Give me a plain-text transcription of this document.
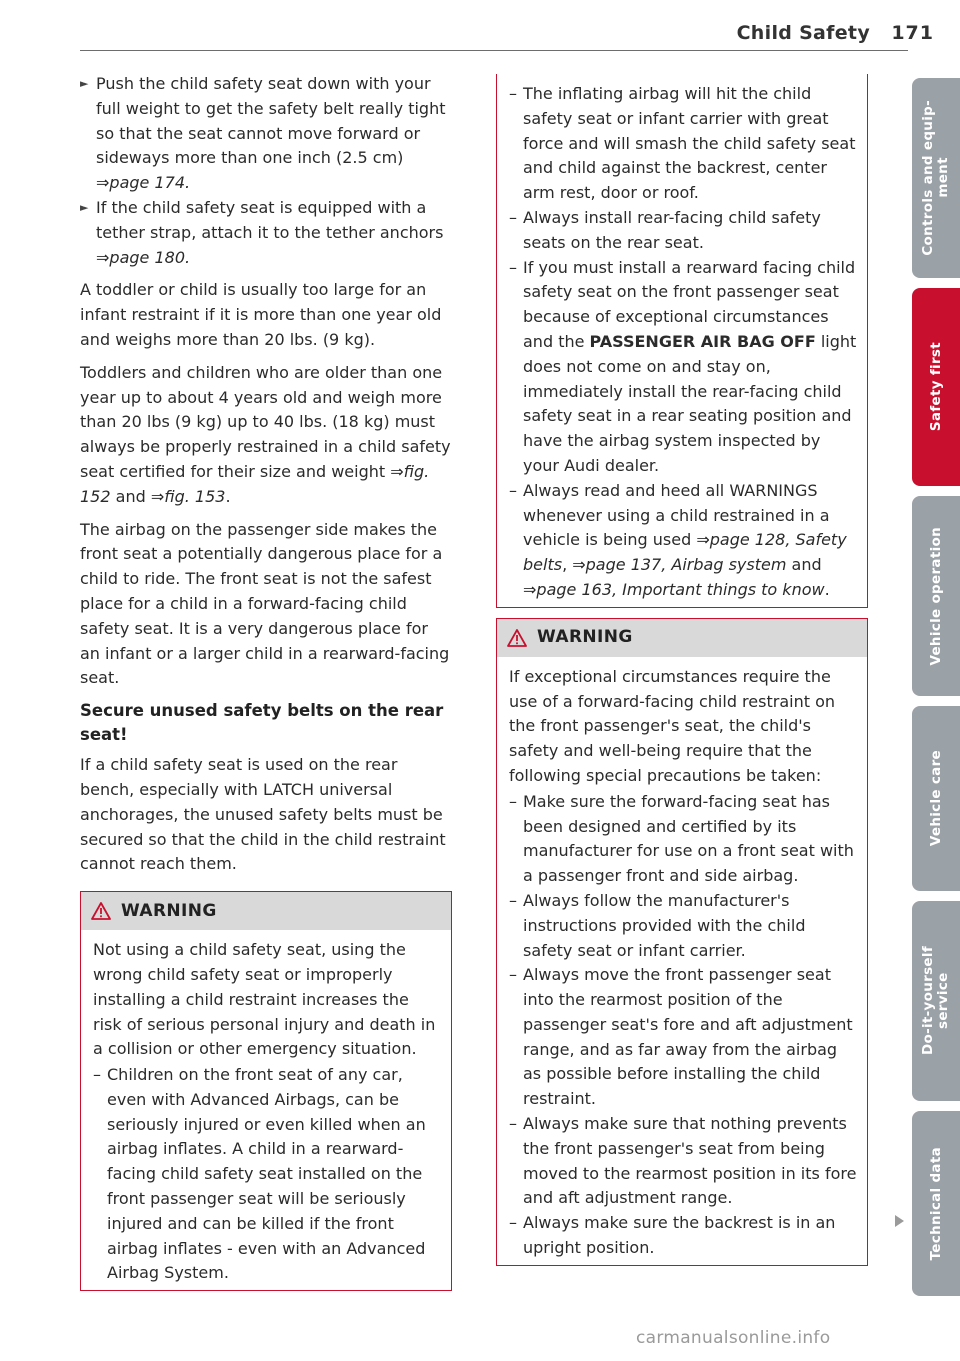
Child Safety 171
► Push the child safety seat down with your full weight to get the safety belt really tight so that the seat cannot move forward or sideways more than one inch (2.5 cm)
⇒page 174.
► If the child safety seat is equipped with a tether strap, attach it to the tether anchors
⇒page 180.

A toddler or child is usually too large for an infant restraint if it is more than one year old and weighs more than 20 lbs. (9 kg).

Toddlers and children who are older than one year up to about 4 years old and weigh more than 20 lbs (9 kg) up to 40 lbs. (18 kg) must always be properly restrained in a child safety seat certified for their size and weight ⇒fig. 152 and ⇒fig. 153.

The airbag on the passenger side makes the front seat a potentially dangerous place for a child to ride. The front seat is not the safest place for a child in a forward-facing child safety seat. It is a very dangerous place for an infant or a larger child in a rearward-facing seat.

Secure unused safety belts on the rear seat!

If a child safety seat is used on the rear bench, especially with LATCH universal anchorages, the unused safety belts must be secured so that the child in the child restraint cannot reach them.

WARNING

Not using a child safety seat, using the wrong child safety seat or improperly installing a child restraint increases the risk of serious personal injury and death in a collision or other emergency situation.

– Children on the front seat of any car, even with Advanced Airbags, can be seriously injured or even killed when an airbag inflates. A child in a rearward-facing child safety seat installed on the front passenger seat will be seriously injured and can be killed if the front airbag inflates - even with an Advanced Airbag System.
– The inflating airbag will hit the child safety seat or infant carrier with great force and will smash the child safety seat and child against the backrest, center arm rest, door or roof.
– Always install rear-facing child safety seats on the rear seat.
– If you must install a rearward facing child safety seat on the front passenger seat because of exceptional circumstances and the PASSENGER AIR BAG OFF light does not come on and stay on, immediately install the rear-facing child safety seat in a rear seating position and have the airbag system inspected by your Audi dealer.
– Always read and heed all WARNINGS whenever using a child restrained in a vehicle is being used ⇒page 128, Safety belts, ⇒page 137, Airbag system and ⇒page 163, Important things to know.
WARNING

If exceptional circumstances require the use of a forward-facing child restraint on the front passenger's seat, the child's safety and well-being require that the following special precautions be taken:

– Make sure the forward-facing seat has been designed and certified by its manufacturer for use on a front seat with a passenger front and side airbag.
– Always follow the manufacturer's instructions provided with the child safety seat or infant carrier.
– Always move the front passenger seat into the rearmost position of the passenger seat's fore and aft adjustment range, and as far away from the airbag as possible before installing the child restraint.
– Always make sure that nothing prevents the front passenger's seat from being moved to the rearmost position in its fore and aft adjustment range.
– Always make sure the backrest is in an upright position.
Controls and equip-
ment
Safety first
Vehicle operation
Vehicle care
Do-it-yourself
service
Technical data
carmanualsonline.info
